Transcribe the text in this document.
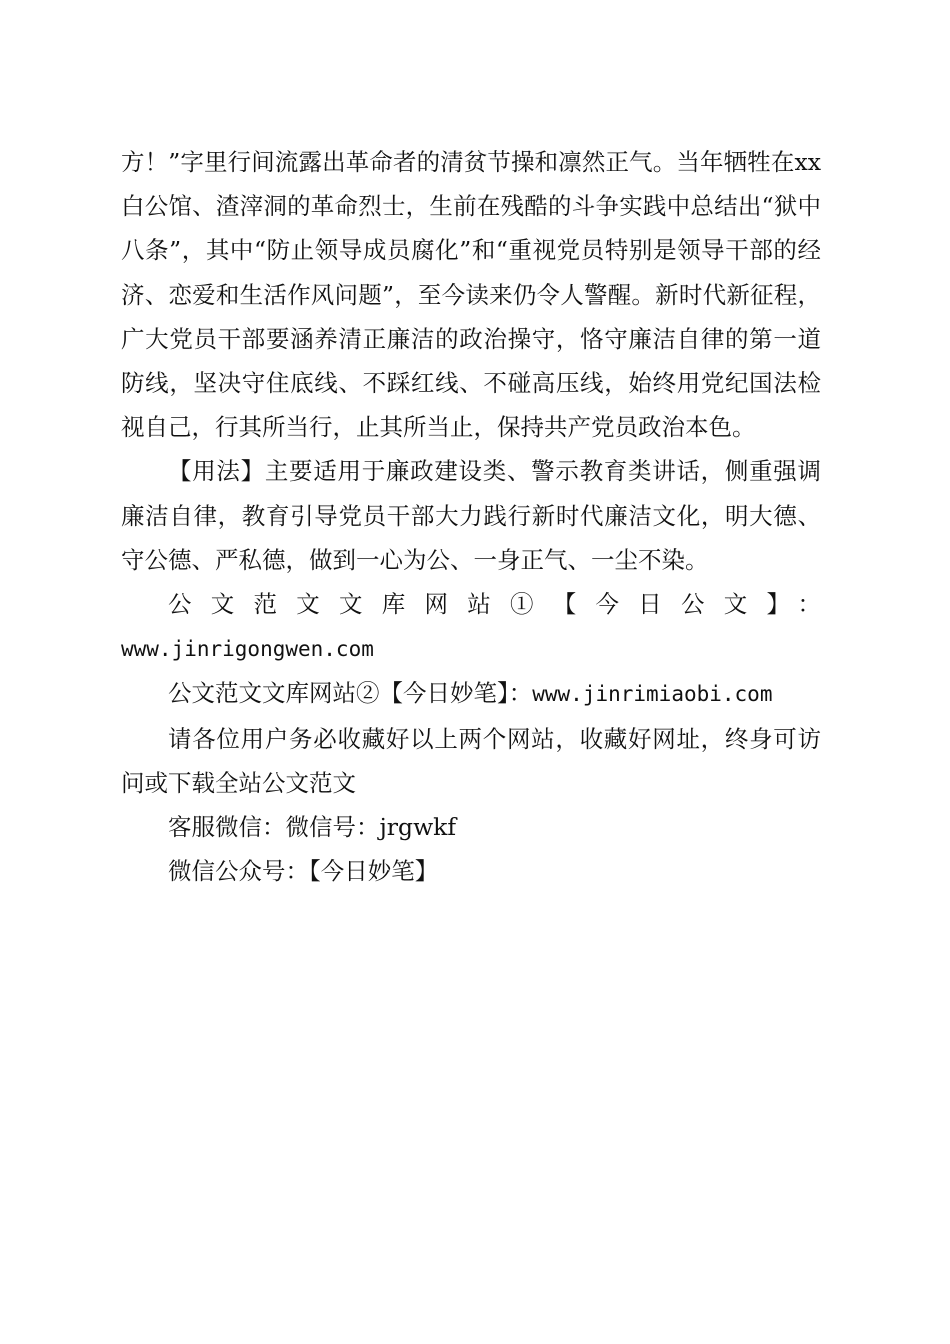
方！”字里行间流露出革命者的清贫节操和凛然正气。当年牺牲在xx白公馆、渣滓洞的革命烈士，生前在残酷的斗争实践中总结出“狱中八条”，其中“防止领导成员腐化”和“重视党员特别是领导干部的经济、恋爱和生活作风问题”，至今读来仍令人警醒。新时代新征程，广大党员干部要涵养清正廉洁的政治操守，恪守廉洁自律的第一道防线，坚决守住底线、不踩红线、不碰高压线，始终用党纪国法检视自己，行其所当行，止其所当止，保持共产党员政治本色。

【用法】主要适用于廉政建设类、警示教育类讲话，侧重强调廉洁自律，教育引导党员干部大力践行新时代廉洁文化，明大德、守公德、严私德，做到一心为公、一身正气、一尘不染。

公文范文文库网站①【今日公文】：

www.jinrigongwen.com

公文范文文库网站②【今日妙笔】：www.jinrimiaobi.com

请各位用户务必收藏好以上两个网站，收藏好网址，终身可访问或下载全站公文范文

客服微信：微信号：jrgwkf

微信公众号：【今日妙笔】
